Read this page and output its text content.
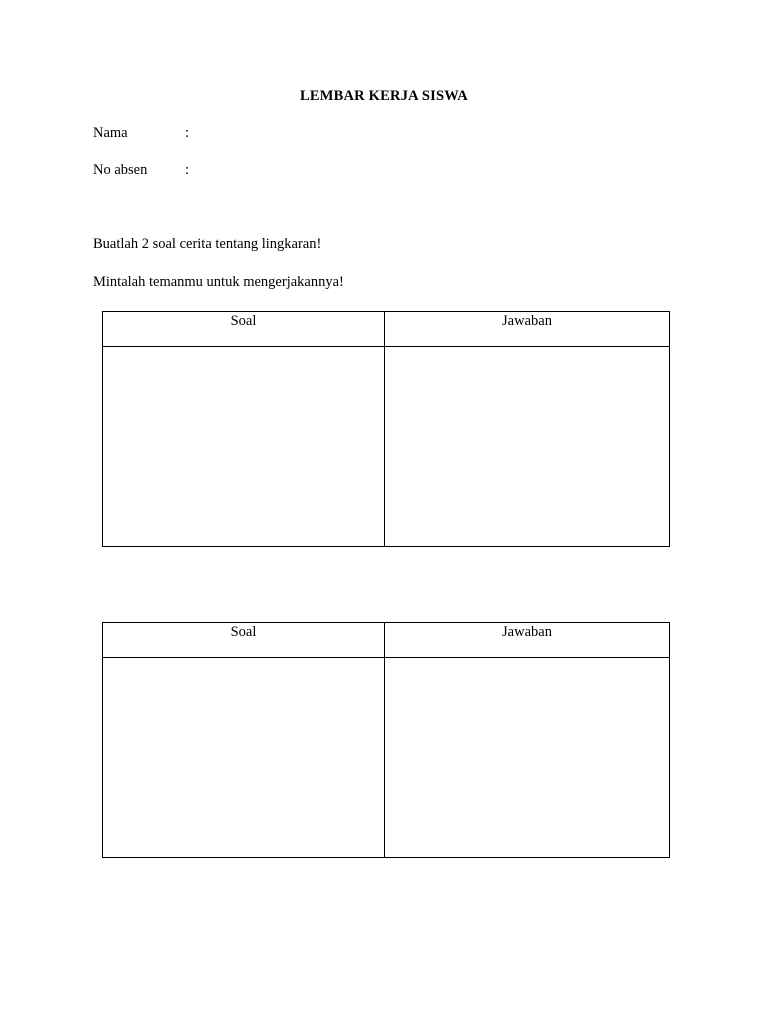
LEMBAR KERJA SISWA
Nama	:
No absen	:
Buatlah 2 soal cerita tentang lingkaran!
Mintalah temanmu untuk mengerjakannya!
Soal	Jawaban

Soal	Jawaban
